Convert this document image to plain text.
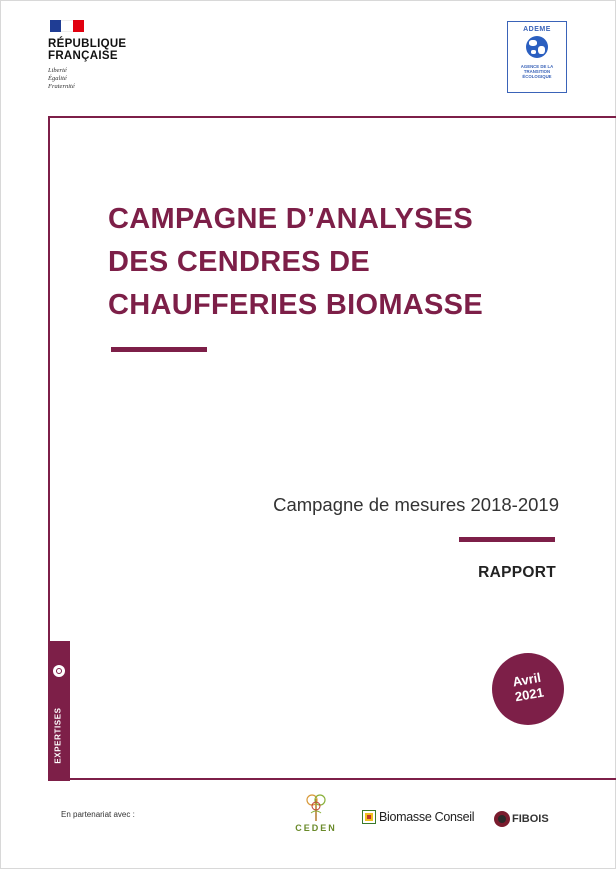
RÉPUBLIQUE
FRANÇAISE
Liberté
Égalité
Fraternité
ADEME
AGENCE DE LA
TRANSITION
ÉCOLOGIQUE
CAMPAGNE D’ANALYSES
DES CENDRES DE
CHAUFFERIES BIOMASSE
Campagne de mesures 2018-2019
RAPPORT
Avril
2021
EXPERTISES
En partenariat avec :
CEDEN
Biomasse Conseil	FIBOIS
